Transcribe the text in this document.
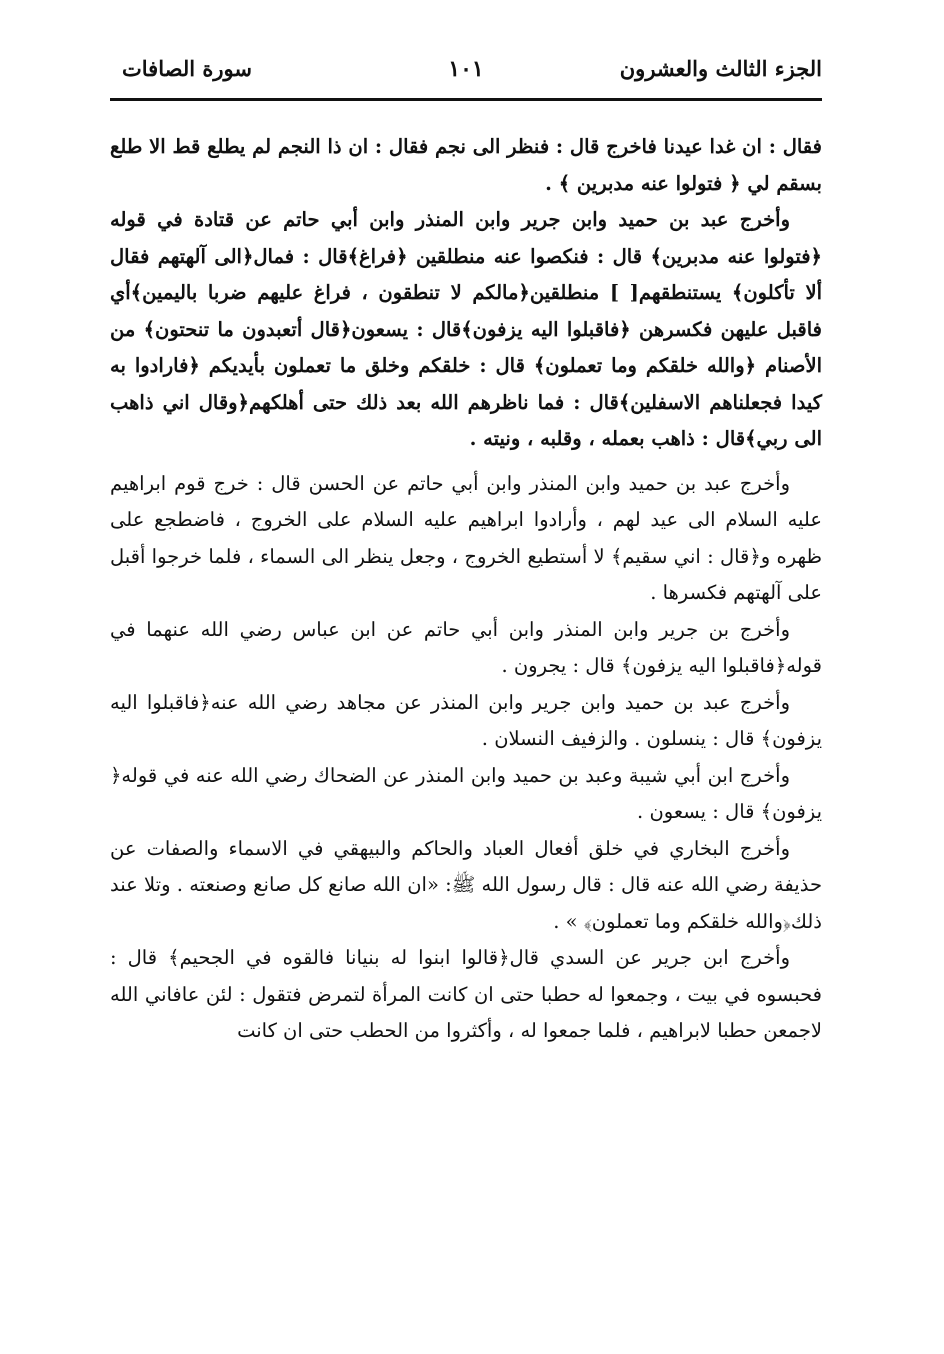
الجزء الثالث والعشرون
١٠١
سورة الصافات

فقال : ان غدا عيدنا فاخرج قال : فنظر الى نجم فقال : ان ذا النجم لم يطلع قط الا طلع بسقم لي ﴿ فتولوا عنه مدبرين ﴾ .

وأخرج عبد بن حميد وابن جرير وابن المنذر وابن أبي حاتم عن قتادة في قوله ﴿فتولوا عنه مدبرين﴾ قال : فنكصوا عنه منطلقين ﴿فراغ﴾قال : فمال﴿الى آلهتهم فقال ألا تأكلون﴾ يستنطقهم[ ] منطلقين﴿مالكم لا تنطقون ، فراغ عليهم ضربا باليمين﴾أي فاقبل عليهن فكسرهن ﴿فاقبلوا اليه يزفون﴾قال : يسعون﴿قال أتعبدون ما تنحتون﴾ من الأصنام ﴿والله خلقكم وما تعملون﴾ قال : خلقكم وخلق ما تعملون بأيديكم ﴿فارادوا به كيدا فجعلناهم الاسفلين﴾قال : فما ناظرهم الله بعد ذلك حتى أهلكهم﴿وقال اني ذاهب الى ربي﴾قال : ذاهب بعمله ، وقلبه ، ونيته .

وأخرج عبد بن حميد وابن المنذر وابن أبي حاتم عن الحسن قال : خرج قوم ابراهيم عليه السلام الى عيد لهم ، وأرادوا ابراهيم عليه السلام على الخروج ، فاضطجع على ظهره و﴿قال : اني سقيم﴾ لا أستطيع الخروج ، وجعل ينظر الى السماء ، فلما خرجوا أقبل على آلهتهم فكسرها .

وأخرج بن جرير وابن المنذر وابن أبي حاتم عن ابن عباس رضي الله عنهما في قوله﴿فاقبلوا اليه يزفون﴾ قال : يجرون .

وأخرج عبد بن حميد وابن جرير وابن المنذر عن مجاهد رضي الله عنه﴿فاقبلوا اليه يزفون﴾ قال : ينسلون . والزفيف النسلان .

وأخرج ابن أبي شيبة وعبد بن حميد وابن المنذر عن الضحاك رضي الله عنه في قوله﴿ يزفون﴾ قال : يسعون .

وأخرج البخاري في خلق أفعال العباد والحاكم والبيهقي في الاسماء والصفات عن حذيفة رضي الله عنه قال : قال رسول الله ﷺ: «ان الله صانع كل صانع وصنعته . وتلا عند ذلك﴿والله خلقكم وما تعملون﴾ » .

وأخرج ابن جرير عن السدي قال﴿قالوا ابنوا له بنيانا فالقوه في الجحيم﴾ قال : فحبسوه في بيت ، وجمعوا له حطبا حتى ان كانت المرأة لتمرض فتقول : لئن عافاني الله لاجمعن حطبا لابراهيم ، فلما جمعوا له ، وأكثروا من الحطب حتى ان كانت
